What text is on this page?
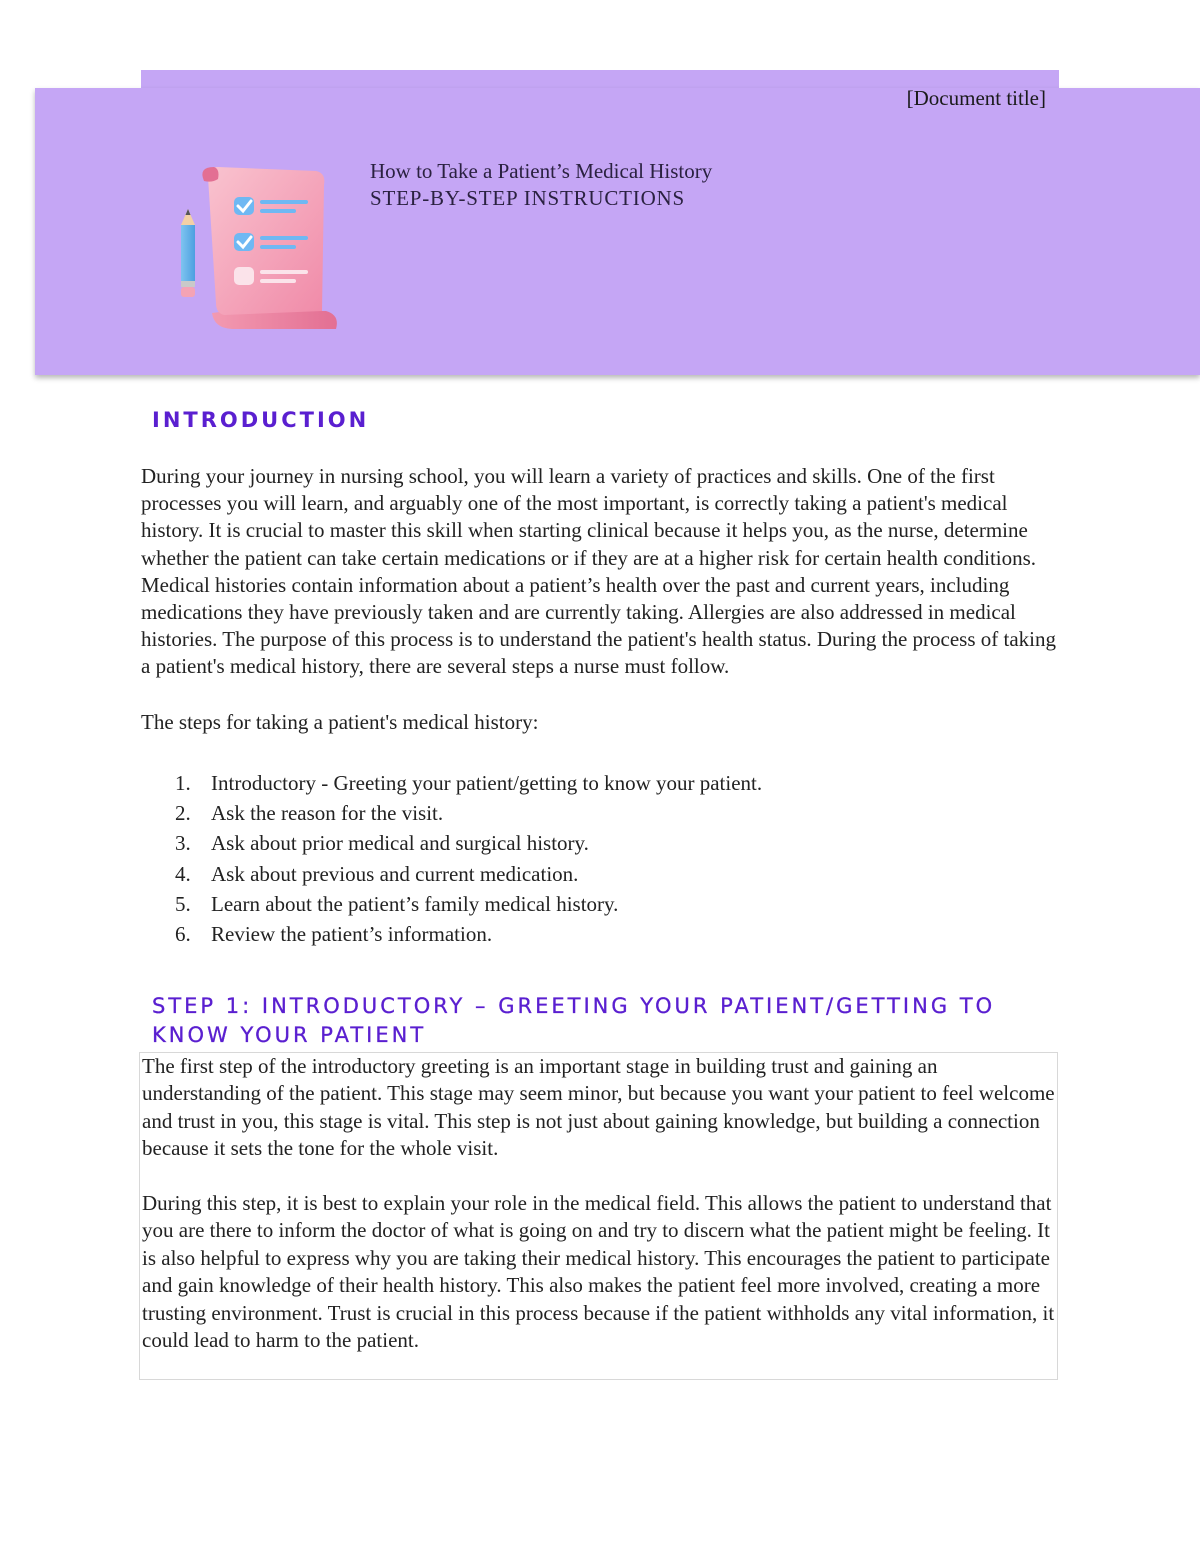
[Document title]
How to Take a Patient’s Medical History
STEP-BY-STEP INSTRUCTIONS
INTRODUCTION

During your journey in nursing school, you will learn a variety of practices and skills. One of the first processes you will learn, and arguably one of the most important, is correctly taking a patient's medical history. It is crucial to master this skill when starting clinical because it helps you, as the nurse, determine whether the patient can take certain medications or if they are at a higher risk for certain health conditions. Medical histories contain information about a patient’s health over the past and current years, including medications they have previously taken and are currently taking. Allergies are also addressed in medical histories. The purpose of this process is to understand the patient's health status. During the process of taking a patient's medical history, there are several steps a nurse must follow.

The steps for taking a patient's medical history:

1. Introductory - Greeting your patient/getting to know your patient.
2. Ask the reason for the visit.
3. Ask about prior medical and surgical history.
4. Ask about previous and current medication.
5. Learn about the patient’s family medical history.
6. Review the patient’s information.
STEP 1: INTRODUCTORY – GREETING YOUR PATIENT/GETTING TO KNOW YOUR PATIENT

The first step of the introductory greeting is an important stage in building trust and gaining an understanding of the patient. This stage may seem minor, but because you want your patient to feel welcome and trust in you, this stage is vital. This step is not just about gaining knowledge, but building a connection because it sets the tone for the whole visit.

During this step, it is best to explain your role in the medical field. This allows the patient to understand that you are there to inform the doctor of what is going on and try to discern what the patient might be feeling. It is also helpful to express why you are taking their medical history. This encourages the patient to participate and gain knowledge of their health history. This also makes the patient feel more involved, creating a more trusting environment. Trust is crucial in this process because if the patient withholds any vital information, it could lead to harm to the patient.
